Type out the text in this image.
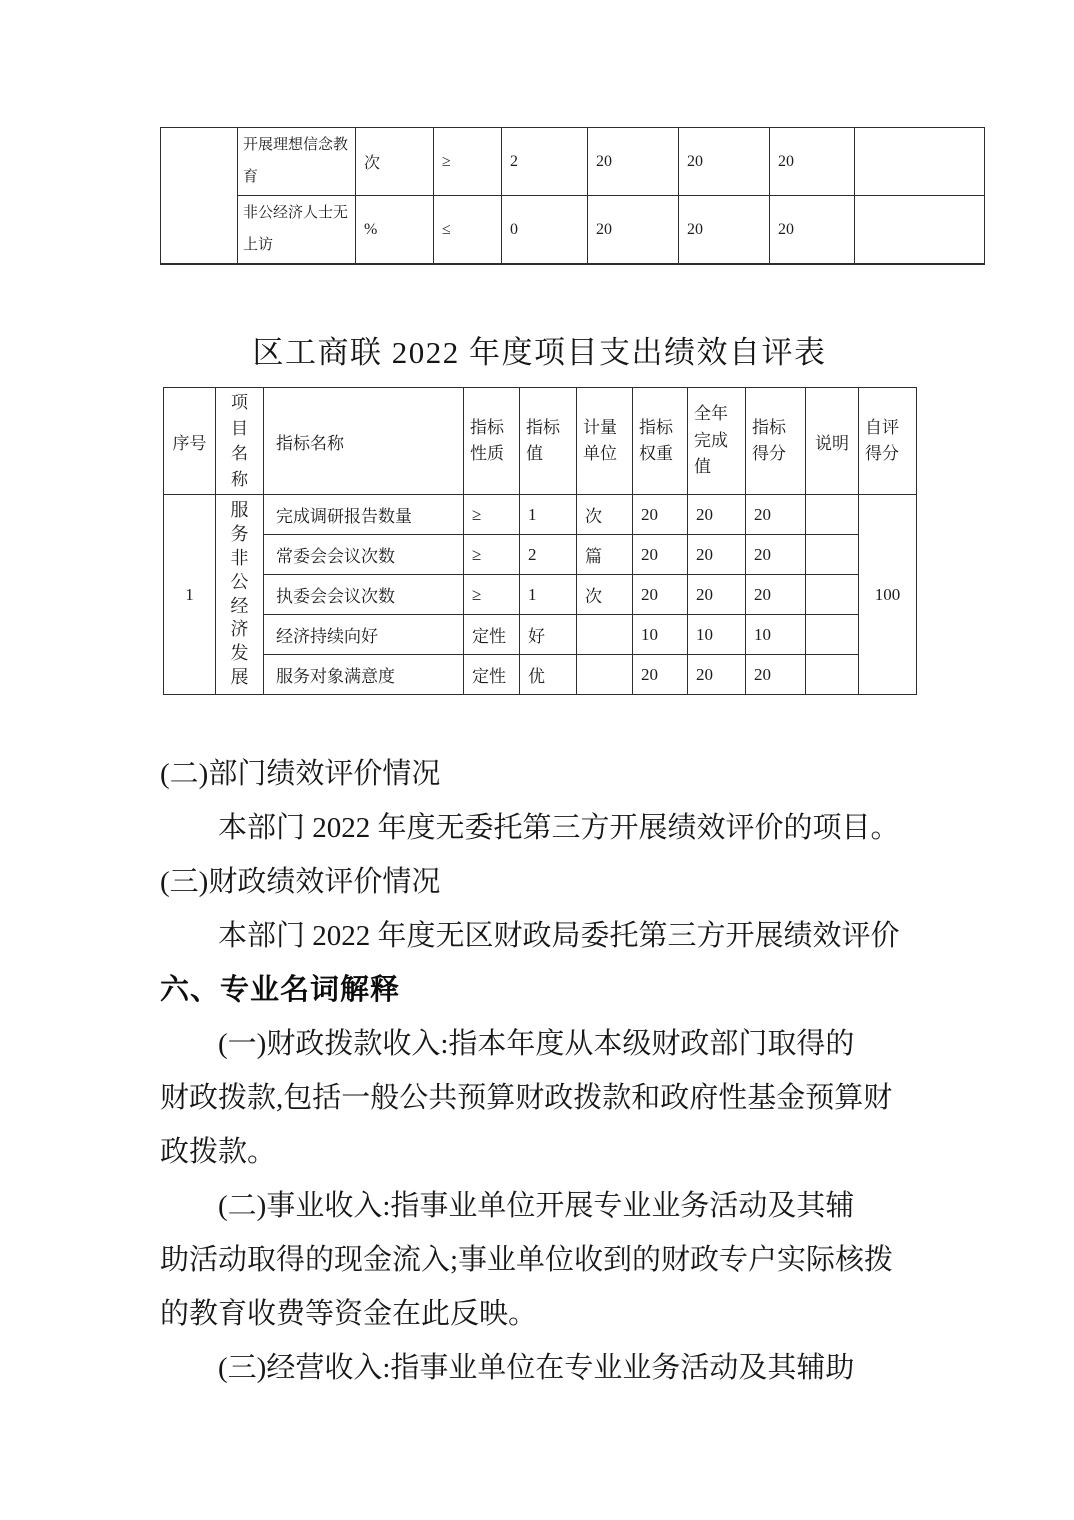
	开展理想信念教育	次	≥	2	20	20	20	
	非公经济人士无上访	%	≤	0	20	20	20	
区工商联 2022 年度项目支出绩效自评表
序号	项目名称	指标名称	指标性质	指标值	计量单位	指标权重	全年完成值	指标得分	说明	自评得分
1	服务非公经济发展	完成调研报告数量	≥	1	次	20	20	20		100
		常委会会议次数	≥	2	篇	20	20	20		
		执委会会议次数	≥	1	次	20	20	20		
		经济持续向好	定性	好		10	10	10		
		服务对象满意度	定性	优		20	20	20		
(二)部门绩效评价情况
本部门 2022 年度无委托第三方开展绩效评价的项目。
(三)财政绩效评价情况
本部门 2022 年度无区财政局委托第三方开展绩效评价
六、专业名词解释
(一)财政拨款收入:指本年度从本级财政部门取得的
财政拨款,包括一般公共预算财政拨款和政府性基金预算财
政拨款。
(二)事业收入:指事业单位开展专业业务活动及其辅
助活动取得的现金流入;事业单位收到的财政专户实际核拨
的教育收费等资金在此反映。
(三)经营收入:指事业单位在专业业务活动及其辅助
